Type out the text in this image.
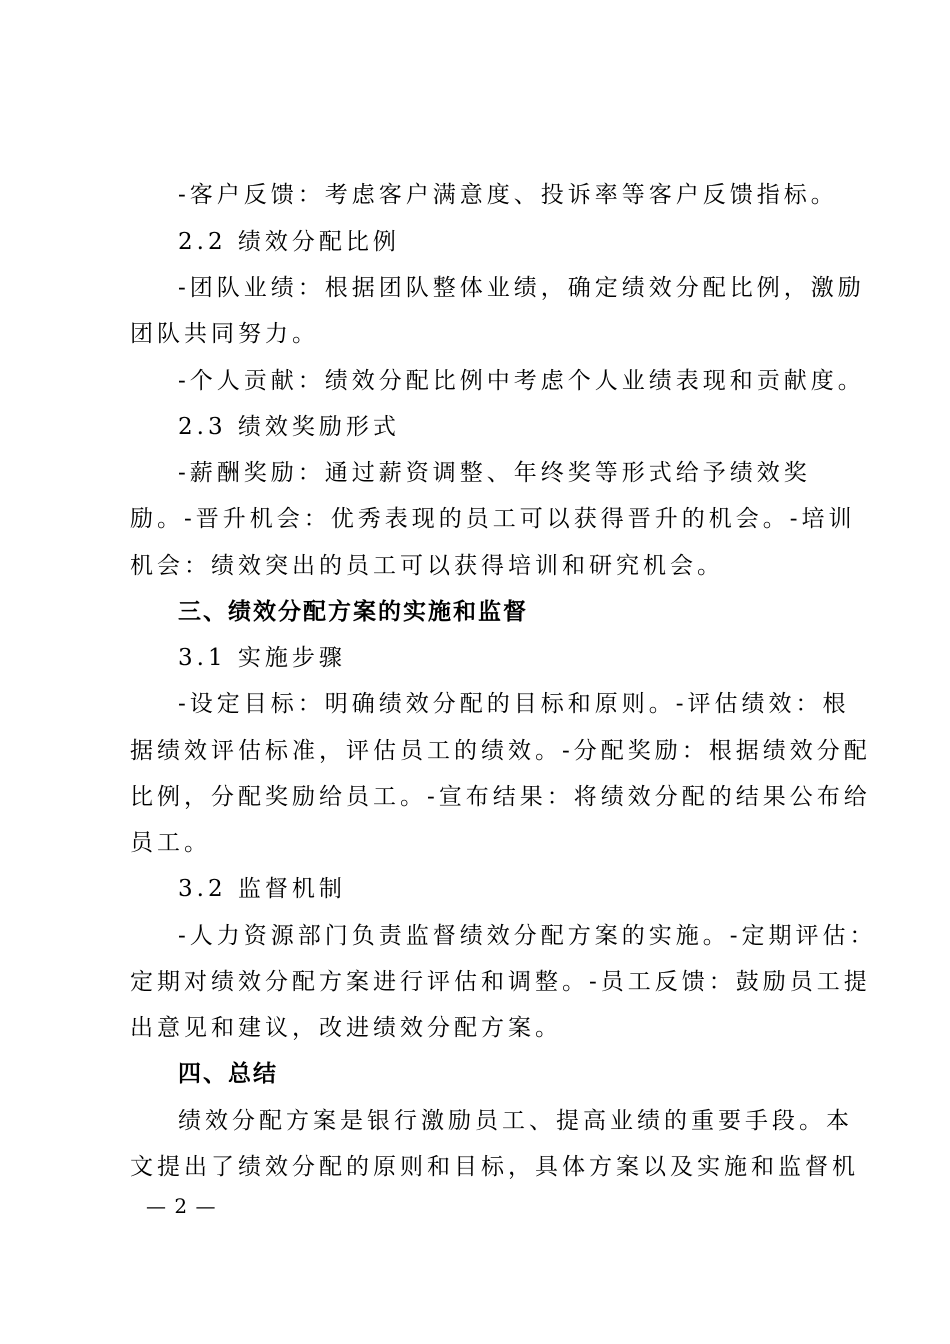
-客户反馈：考虑客户满意度、投诉率等客户反馈指标。
2.2 绩效分配比例
-团队业绩：根据团队整体业绩，确定绩效分配比例，激励
团队共同努力。
-个人贡献：绩效分配比例中考虑个人业绩表现和贡献度。
2.3 绩效奖励形式
-薪酬奖励：通过薪资调整、年终奖等形式给予绩效奖
励。-晋升机会：优秀表现的员工可以获得晋升的机会。-培训
机会：绩效突出的员工可以获得培训和研究机会。
三、绩效分配方案的实施和监督
3.1 实施步骤
-设定目标：明确绩效分配的目标和原则。-评估绩效：根
据绩效评估标准，评估员工的绩效。-分配奖励：根据绩效分配
比例，分配奖励给员工。-宣布结果：将绩效分配的结果公布给
员工。
3.2 监督机制
-人力资源部门负责监督绩效分配方案的实施。-定期评估：
定期对绩效分配方案进行评估和调整。-员工反馈：鼓励员工提
出意见和建议，改进绩效分配方案。
四、总结
绩效分配方案是银行激励员工、提高业绩的重要手段。本
文提出了绩效分配的原则和目标，具体方案以及实施和监督机
— 2 —
